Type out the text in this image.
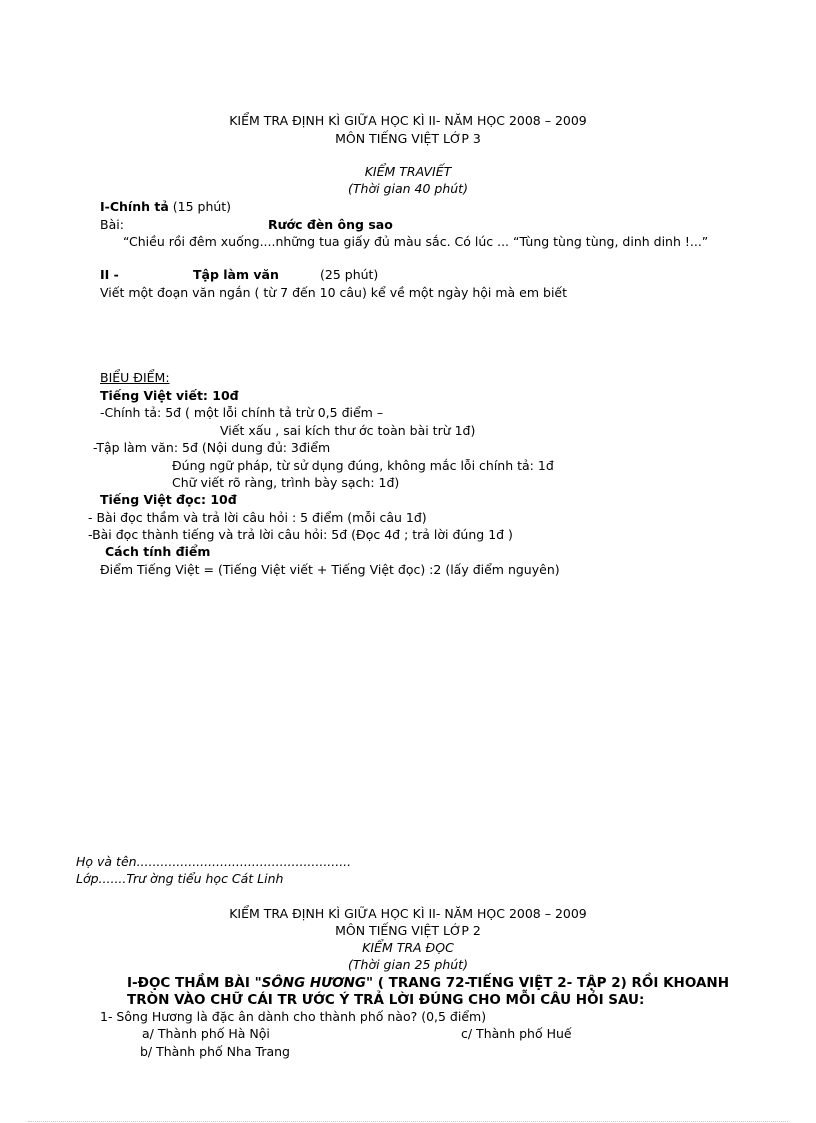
KIỂM TRA ĐỊNH KÌ GIỮA HỌC KÌ II- NĂM HỌC 2008 – 2009
MÔN TIẾNG VIỆT LỚP 3
KIỂM TRAVIẾT
(Thời gian 40 phút)
I-Chính tả (15 phút)
Bài:	Rước đèn ông sao
“Chiều rồi đêm xuống....những tua giấy đủ màu sắc. Có lúc ... “Tùng tùng tùng, dinh dinh !...”
II -	Tập làm văn	(25 phút)
Viết một đoạn văn ngắn ( từ 7 đến 10 câu) kể về một ngày hội mà em biết
BIỂU ĐIỂM:
Tiếng Việt viết: 10đ
-Chính tả: 5đ ( một lỗi chính tả trừ 0,5 điểm –
Viết xấu , sai kích thư ớc toàn bài trừ 1đ)
-Tập làm văn: 5đ (Nội dung đủ: 3điểm
Đúng ngữ pháp, từ sử dụng đúng, không mắc lỗi chính tả: 1đ
Chữ viết rõ ràng, trình bày sạch: 1đ)
Tiếng Việt đọc: 10đ
- Bài đọc thầm và trả lời câu hỏi : 5 điểm (mỗi câu 1đ)
-Bài đọc thành tiếng và trả lời câu hỏi: 5đ (Đọc 4đ ; trả lời đúng 1đ )
Cách tính điểm
Điểm Tiếng Việt = (Tiếng Việt viết + Tiếng Việt đọc) :2 (lấy điểm nguyên)
Họ và tên......................................................
Lớp.......Trư ờng tiểu học Cát Linh
KIỂM TRA ĐỊNH KÌ GIỮA HỌC KÌ II- NĂM HỌC 2008 – 2009
MÔN TIẾNG VIỆT LỚP 2
KIỂM TRA ĐỌC
(Thời gian 25 phút)
I-ĐỌC THẦM BÀI "SÔNG HƯƠNG" ( TRANG 72-TIẾNG VIỆT 2- TẬP 2) RỒI KHOANH
TRÒN VÀO CHỮ CÁI TR ƯỚC Ý TRẢ LỜI ĐÚNG CHO MỖI CÂU HỎI SAU:
1- Sông Hương là đặc ân dành cho thành phố nào? (0,5 điểm)
a/ Thành phố Hà Nội	c/ Thành phố Huế
b/ Thành phố Nha Trang
